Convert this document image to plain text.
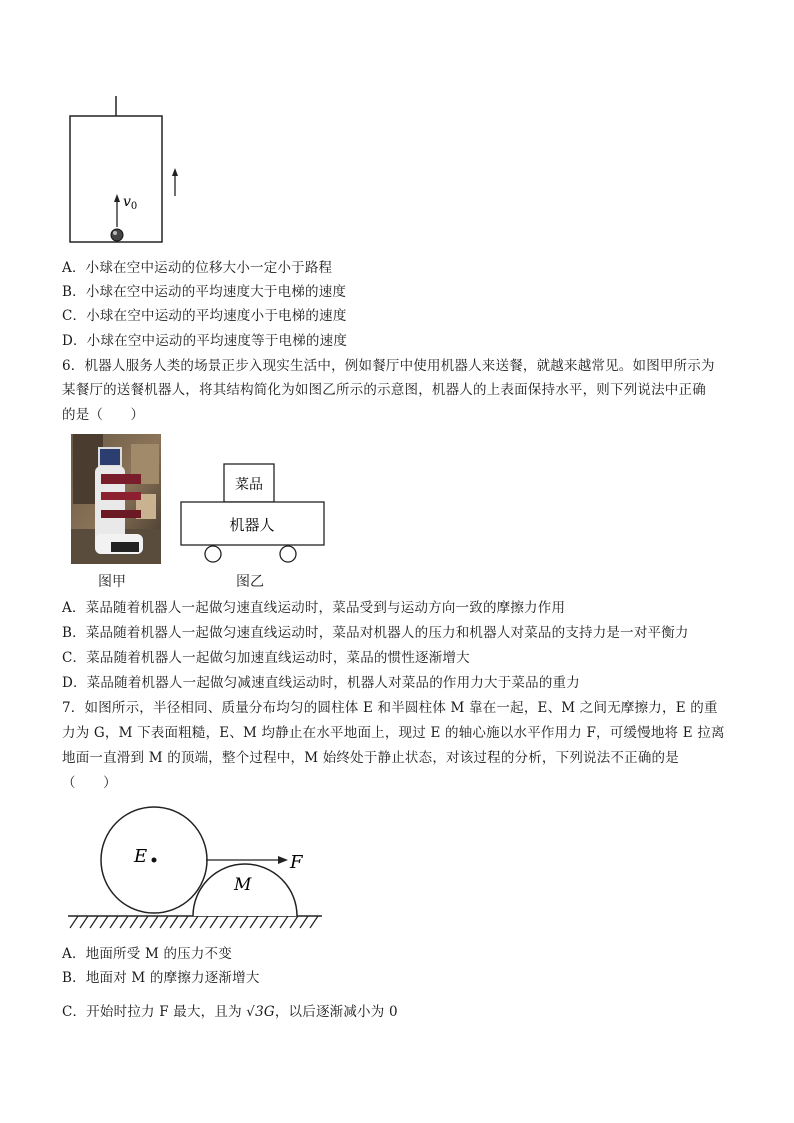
$v_0$
A．小球在空中运动的位移大小一定小于路程
B．小球在空中运动的平均速度大于电梯的速度
C．小球在空中运动的平均速度小于电梯的速度
D．小球在空中运动的平均速度等于电梯的速度
6．机器人服务人类的场景正步入现实生活中，例如餐厅中使用机器人来送餐，就越来越常见。如图甲所示为
某餐厅的送餐机器人，将其结构简化为如图乙所示的示意图，机器人的上表面保持水平，则下列说法中正确
的是（　　）
菜品
机器人
图甲	图乙
A．菜品随着机器人一起做匀速直线运动时，菜品受到与运动方向一致的摩擦力作用
B．菜品随着机器人一起做匀速直线运动时，菜品对机器人的压力和机器人对菜品的支持力是一对平衡力
C．菜品随着机器人一起做匀加速直线运动时，菜品的惯性逐渐增大
D．菜品随着机器人一起做匀减速直线运动时，机器人对菜品的作用力大于菜品的重力
7．如图所示，半径相同、质量分布均匀的圆柱体 E 和半圆柱体 M 靠在一起，E、M 之间无摩擦力，E 的重
力为 G，M 下表面粗糙，E、M 均静止在水平地面上，现过 E 的轴心施以水平作用力 F，可缓慢地将 E 拉离
地面一直滑到 M 的顶端，整个过程中，M 始终处于静止状态，对该过程的分析，下列说法不正确的是
（　　）
E
M
F
A．地面所受 M 的压力不变
B．地面对 M 的摩擦力逐渐增大
C．开始时拉力 F 最大，且为 √3G，以后逐渐减小为 0
